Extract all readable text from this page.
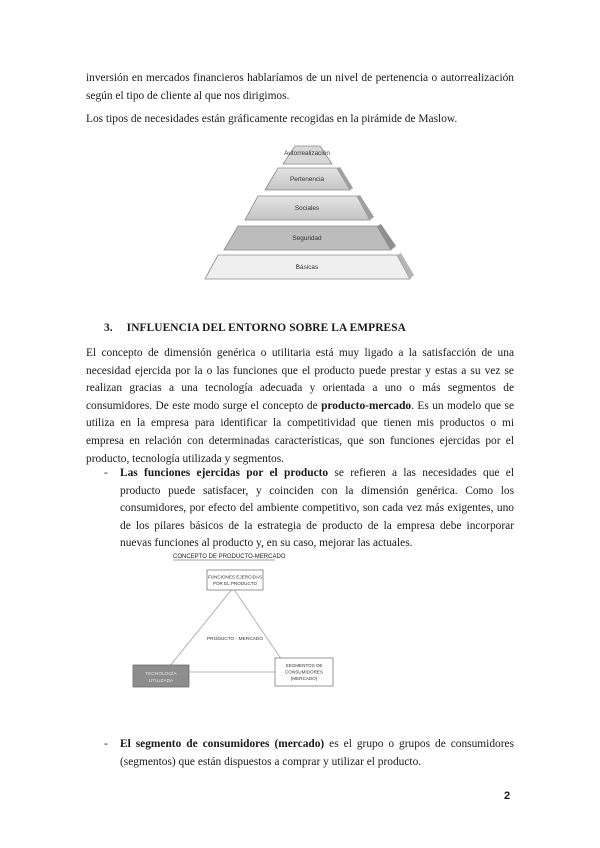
inversión en mercados financieros hablaríamos de un nivel de pertenencia o autorrealización según el tipo de cliente al que nos dirigimos.

Los tipos de necesidades están gráficamente recogidas en la pirámide de Maslow.

Autorrealización
Pertenencia
Sociales
Seguridad
Básicas
3. INFLUENCIA DEL ENTORNO SOBRE LA EMPRESA

El concepto de dimensión genérica o utilitaria está muy ligado a la satisfacción de una necesidad ejercida por la o las funciones que el producto puede prestar y estas a su vez se realizan gracias a una tecnología adecuada y orientada a uno o más segmentos de consumidores. De este modo surge el concepto de producto-mercado. Es un modelo que se utiliza en la empresa para identificar la competitividad que tienen mis productos o mi empresa en relación con determinadas características, que son funciones ejercidas por el producto, tecnología utilizada y segmentos.

- Las funciones ejercidas por el producto se refieren a las necesidades que el producto puede satisfacer, y coinciden con la dimensión genérica. Como los consumidores, por efecto del ambiente competitivo, son cada vez más exigentes, uno de los pilares básicos de la estrategia de producto de la empresa debe incorporar nuevas funciones al producto y, en su caso, mejorar las actuales.

CONCEPTO DE PRODUCTO-MERCADO
FUNCIONES EJERCIDAS
POR EL PRODUCTO
PRODUCTO - MERCADO
TECNOLOGÍA
UTILIZADA
SEGMENTOS DE
CONSUMIDORES
(MERCADO)
- El segmento de consumidores (mercado) es el grupo o grupos de consumidores (segmentos) que están dispuestos a comprar y utilizar el producto.

2
